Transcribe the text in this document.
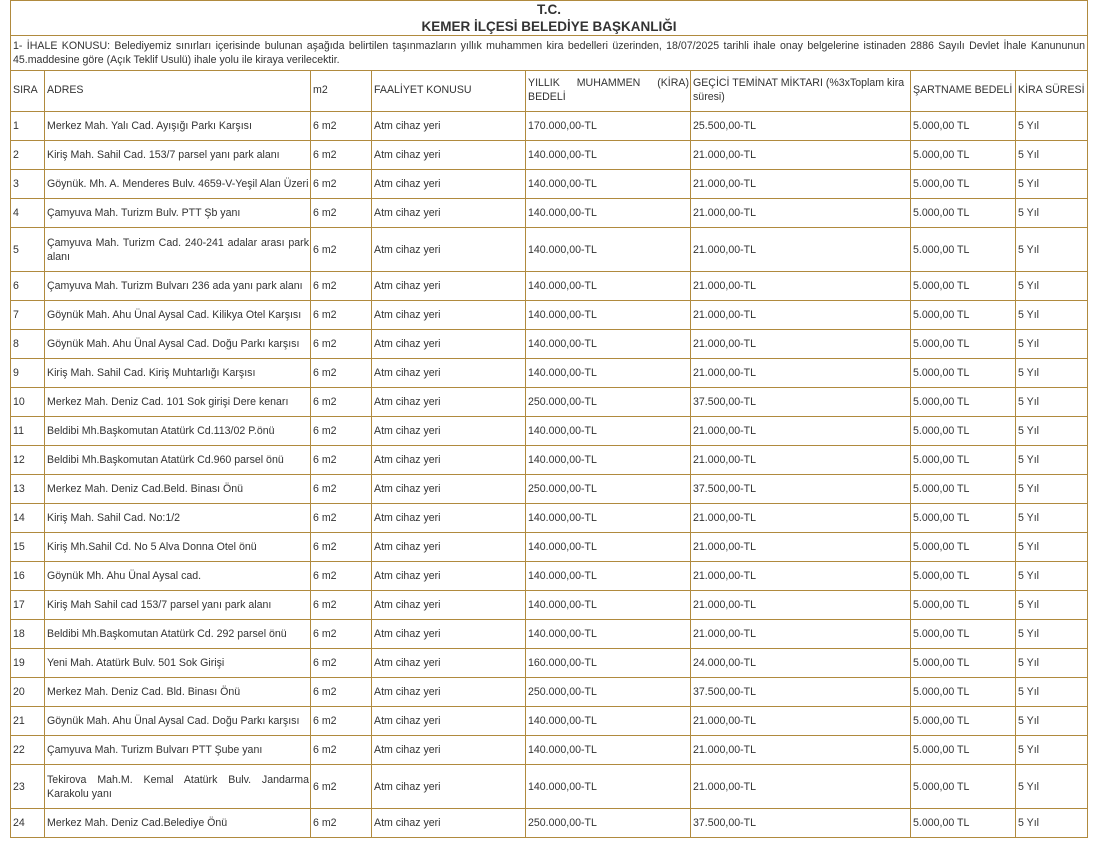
T.C.
KEMER İLÇESİ BELEDİYE BAŞKANLIĞI							

1- İHALE KONUSU: Belediyemiz sınırları içerisinde bulunan aşağıda belirtilen taşınmazların yıllık muhammen kira bedelleri üzerinden, 18/07/2025 tarihli ihale onay belgelerine istinaden 2886 Sayılı Devlet İhale Kanununun 45.maddesine göre (Açık Teklif Usulü) ihale yolu ile kiraya verilecektir.							
SIRA	ADRES	m2	FAALİYET KONUSU	YILLIK MUHAMMEN (KİRA) BEDELİ	GEÇİCİ TEMİNAT MİKTARI (%3xToplam kira süresi)	ŞARTNAME BEDELİ	KİRA SÜRESİ
1	Merkez Mah. Yalı Cad. Ayışığı Parkı Karşısı	6 m2	Atm cihaz yeri	170.000,00-TL	25.500,00-TL	5.000,00 TL	5 Yıl
2	Kiriş Mah. Sahil Cad. 153/7 parsel yanı park alanı	6 m2	Atm cihaz yeri	140.000,00-TL	21.000,00-TL	5.000,00 TL	5 Yıl
3	Göynük. Mh. A. Menderes Bulv. 4659-V-Yeşil Alan Üzeri	6 m2	Atm cihaz yeri	140.000,00-TL	21.000,00-TL	5.000,00 TL	5 Yıl
4	Çamyuva Mah. Turizm Bulv. PTT Şb yanı	6 m2	Atm cihaz yeri	140.000,00-TL	21.000,00-TL	5.000,00 TL	5 Yıl
5	Çamyuva Mah. Turizm Cad. 240-241 adalar arası park alanı	6 m2	Atm cihaz yeri	140.000,00-TL	21.000,00-TL	5.000,00 TL	5 Yıl
6	Çamyuva Mah. Turizm Bulvarı 236 ada yanı park alanı	6 m2	Atm cihaz yeri	140.000,00-TL	21.000,00-TL	5.000,00 TL	5 Yıl
7	Göynük Mah. Ahu Ünal Aysal Cad. Kilikya Otel Karşısı	6 m2	Atm cihaz yeri	140.000,00-TL	21.000,00-TL	5.000,00 TL	5 Yıl
8	Göynük Mah. Ahu Ünal Aysal Cad. Doğu Parkı karşısı	6 m2	Atm cihaz yeri	140.000,00-TL	21.000,00-TL	5.000,00 TL	5 Yıl
9	Kiriş Mah. Sahil Cad. Kiriş Muhtarlığı Karşısı	6 m2	Atm cihaz yeri	140.000,00-TL	21.000,00-TL	5.000,00 TL	5 Yıl
10	Merkez Mah. Deniz Cad. 101 Sok girişi Dere kenarı	6 m2	Atm cihaz yeri	250.000,00-TL	37.500,00-TL	5.000,00 TL	5 Yıl
11	Beldibi Mh.Başkomutan Atatürk Cd.113/02 P.önü	6 m2	Atm cihaz yeri	140.000,00-TL	21.000,00-TL	5.000,00 TL	5 Yıl
12	Beldibi Mh.Başkomutan Atatürk Cd.960 parsel önü	6 m2	Atm cihaz yeri	140.000,00-TL	21.000,00-TL	5.000,00 TL	5 Yıl
13	Merkez Mah. Deniz Cad.Beld. Binası Önü	6 m2	Atm cihaz yeri	250.000,00-TL	37.500,00-TL	5.000,00 TL	5 Yıl
14	Kiriş Mah. Sahil Cad. No:1/2	6 m2	Atm cihaz yeri	140.000,00-TL	21.000,00-TL	5.000,00 TL	5 Yıl
15	Kiriş Mh.Sahil Cd. No 5 Alva Donna Otel önü	6 m2	Atm cihaz yeri	140.000,00-TL	21.000,00-TL	5.000,00 TL	5 Yıl
16	Göynük Mh. Ahu Ünal Aysal cad.	6 m2	Atm cihaz yeri	140.000,00-TL	21.000,00-TL	5.000,00 TL	5 Yıl
17	Kiriş Mah Sahil cad 153/7 parsel yanı park alanı	6 m2	Atm cihaz yeri	140.000,00-TL	21.000,00-TL	5.000,00 TL	5 Yıl
18	Beldibi Mh.Başkomutan Atatürk Cd. 292 parsel önü	6 m2	Atm cihaz yeri	140.000,00-TL	21.000,00-TL	5.000,00 TL	5 Yıl
19	Yeni Mah. Atatürk Bulv. 501 Sok Girişi	6 m2	Atm cihaz yeri	160.000,00-TL	24.000,00-TL	5.000,00 TL	5 Yıl
20	Merkez Mah. Deniz Cad. Bld. Binası Önü	6 m2	Atm cihaz yeri	250.000,00-TL	37.500,00-TL	5.000,00 TL	5 Yıl
21	Göynük Mah. Ahu Ünal Aysal Cad. Doğu Parkı karşısı	6 m2	Atm cihaz yeri	140.000,00-TL	21.000,00-TL	5.000,00 TL	5 Yıl
22	Çamyuva Mah. Turizm Bulvarı PTT Şube yanı	6 m2	Atm cihaz yeri	140.000,00-TL	21.000,00-TL	5.000,00 TL	5 Yıl
23	Tekirova Mah.M. Kemal Atatürk Bulv. Jandarma Karakolu yanı	6 m2	Atm cihaz yeri	140.000,00-TL	21.000,00-TL	5.000,00 TL	5 Yıl
24	Merkez Mah. Deniz Cad.Belediye Önü	6 m2	Atm cihaz yeri	250.000,00-TL	37.500,00-TL	5.000,00 TL	5 Yıl
